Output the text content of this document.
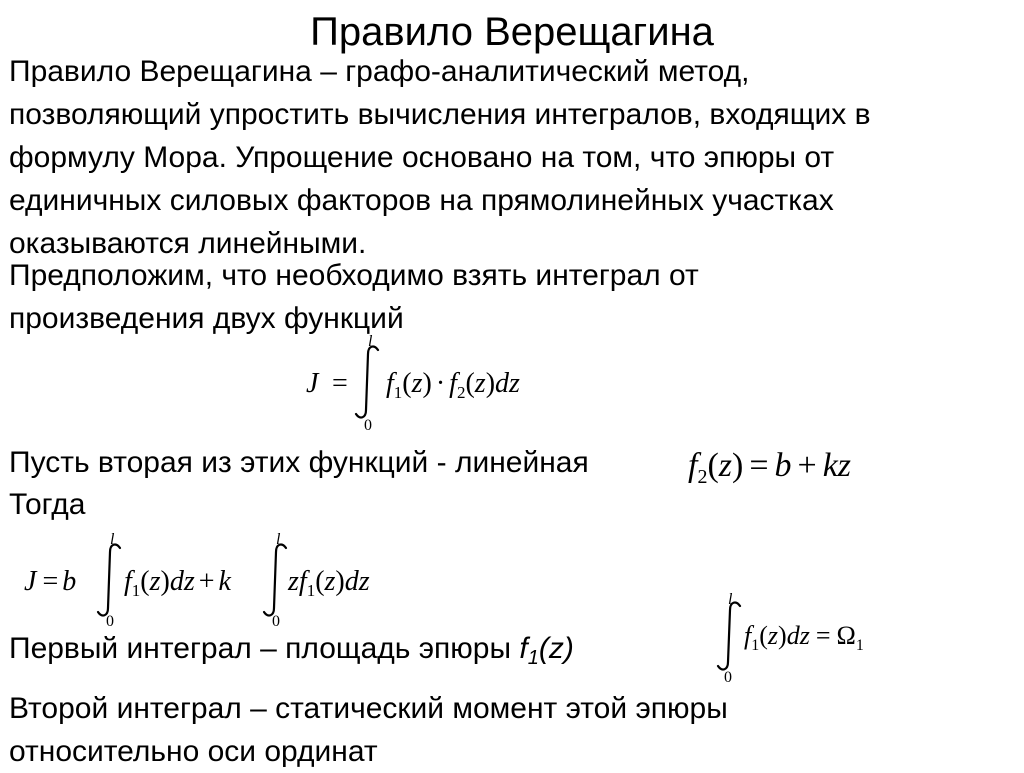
Правило Верещагина
Правило Верещагина – графо-аналитический метод,
позволяющий упростить вычисления интегралов, входящих в
формулу Мора. Упрощение основано на том, что эпюры от
единичных силовых факторов на прямолинейных участках
оказываются линейными.
Предположим, что необходимо взять интеграл от
произведения двух функций
J =
l
0
$f_1(z) \cdot f_2(z)dz$
Пусть вторая из этих функций - линейная	$f_2(z) = b$ + kz
Тогда
J = b
l
0
$f_1(z)dz + k$
l
0
$zf_1(z)dz$
Первый интеграл – площадь эпюры $f_1(z)$
l
0
$f_1(z)dz = \Omega_1$
Второй интеграл – статический момент этой эпюры
относительно оси ординат
